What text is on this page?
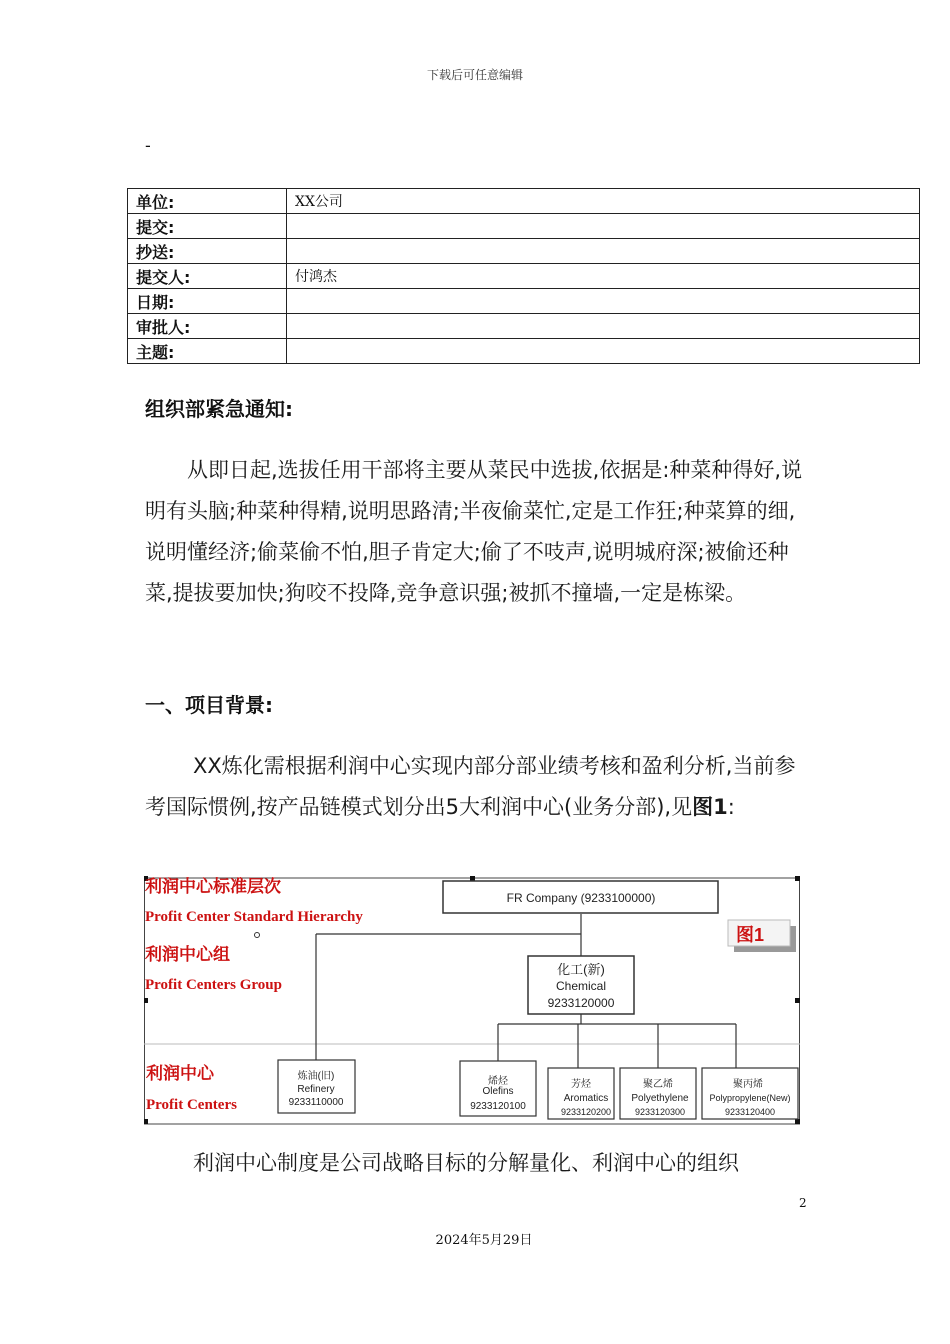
下载后可任意编辑
-
单位:	XX公司
提交:	
抄送:	
提交人:	付鸿杰
日期:	
审批人:	
主题:	
组织部紧急通知:
从即日起,选拔任用干部将主要从菜民中选拔,依据是:种菜种得好,说明有头脑;种菜种得精,说明思路清;半夜偷菜忙,定是工作狂;种菜算的细,说明懂经济;偷菜偷不怕,胆子肯定大;偷了不吱声,说明城府深;被偷还种菜,提拔要加快;狗咬不投降,竞争意识强;被抓不撞墙,一定是栋梁。
一、项目背景:
XX炼化需根据利润中心实现内部分部业绩考核和盈利分析,当前参考国际惯例,按产品链模式划分出5大利润中心(业务分部),见图1:
利润中心标准层次
Profit Center Standard Hierarchy
利润中心组
Profit Centers Group
利润中心
Profit Centers
图1
FR Company (9233100000)
化工(新)
Chemical
9233120000
炼油(旧)
Refinery
9233110000
烯烃
Olefins
9233120100
芳烃
Aromatics
9233120200
聚乙烯
Polyethylene
9233120300
聚丙烯
Polypropylene(New)
9233120400
利润中心制度是公司战略目标的分解量化、利润中心的组织
2
2024年5月29日
